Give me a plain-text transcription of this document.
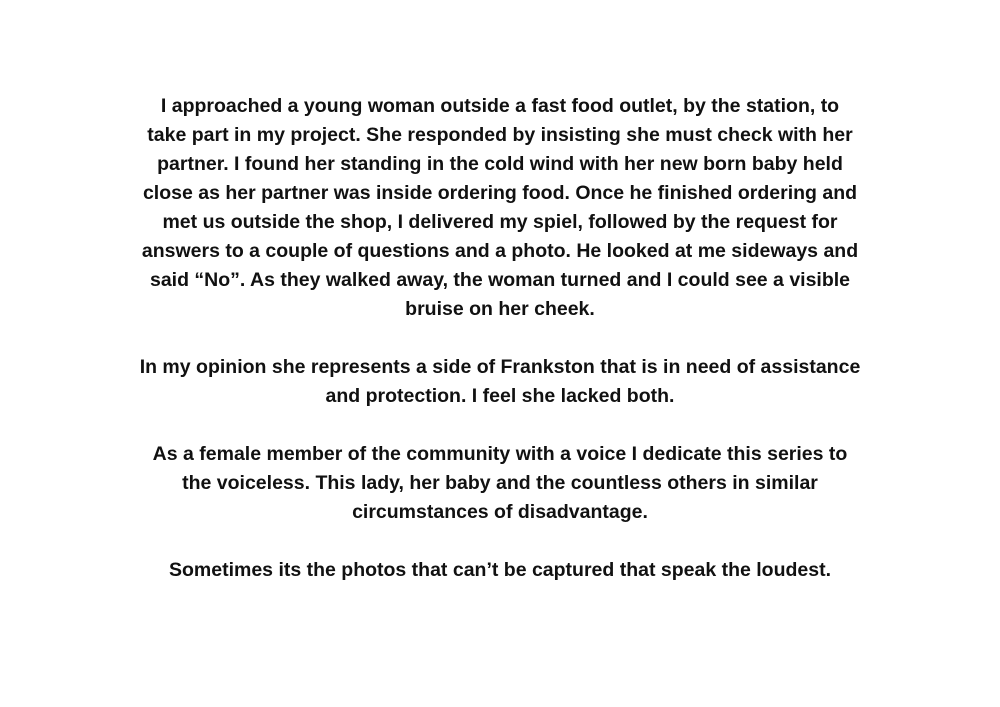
I approached a young woman outside a fast food outlet, by the station, to
take part in my project. She responded by insisting she must check with her
partner. I found her standing in the cold wind with her new born baby held
close as her partner was inside ordering food. Once he finished ordering and
met us outside the shop, I delivered my spiel, followed by the request for
answers to a couple of questions and a photo. He looked at me sideways and
said “No”. As they walked away, the woman turned and I could see a visible
bruise on her cheek.

In my opinion she represents a side of Frankston that is in need of assistance
and protection. I feel she lacked both.

As a female member of the community with a voice I dedicate this series to
the voiceless. This lady, her baby and the countless others in similar
circumstances of disadvantage.

Sometimes its the photos that can’t be captured that speak the loudest.
